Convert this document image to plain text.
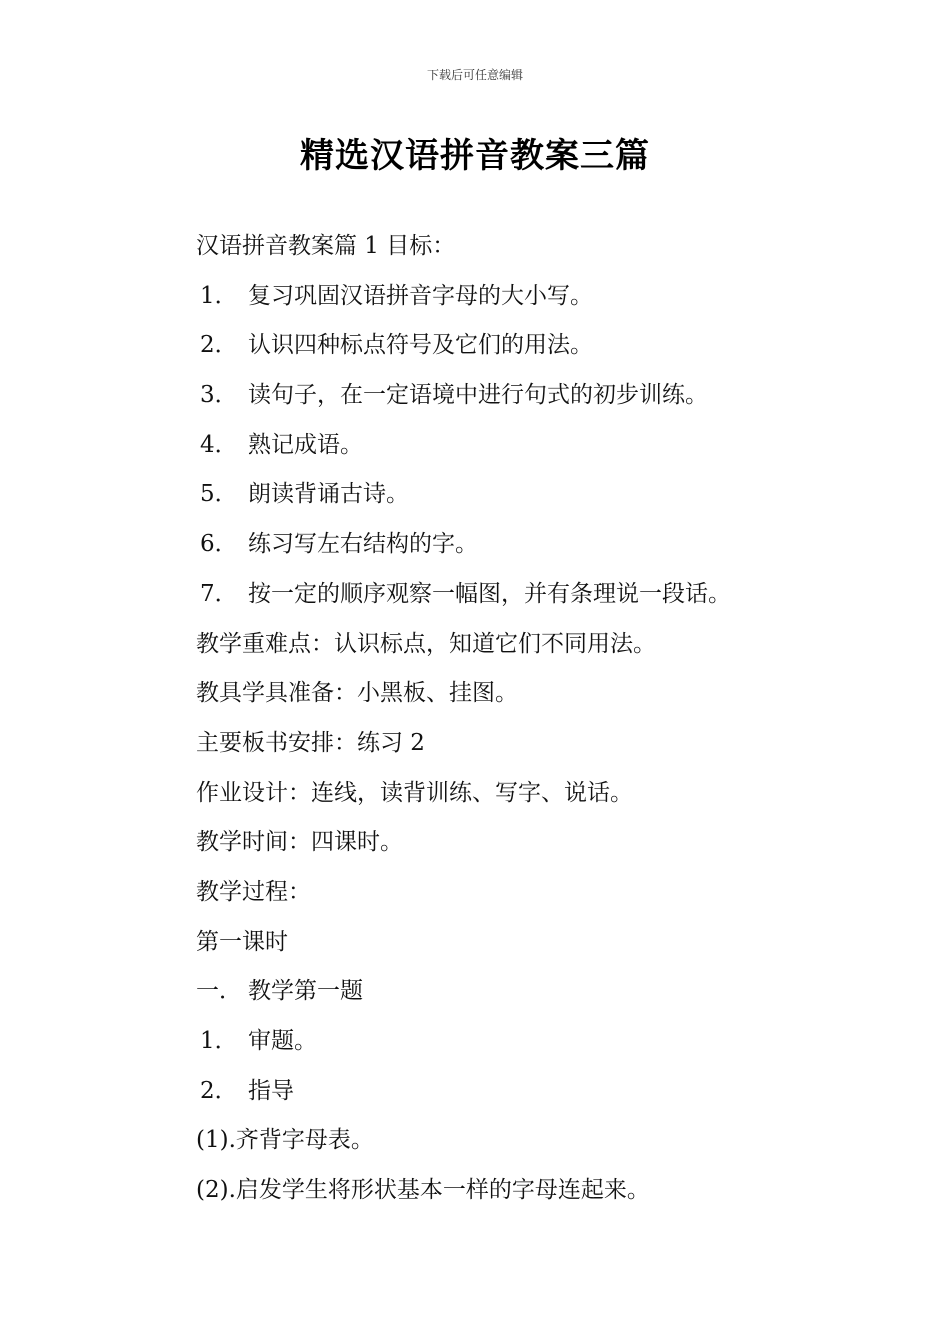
下载后可任意编辑
精选汉语拼音教案三篇
汉语拼音教案篇 1 目标：
1． 复习巩固汉语拼音字母的大小写。
2． 认识四种标点符号及它们的用法。
3． 读句子，在一定语境中进行句式的初步训练。
4． 熟记成语。
5． 朗读背诵古诗。
6． 练习写左右结构的字。
7． 按一定的顺序观察一幅图，并有条理说一段话。
教学重难点：认识标点，知道它们不同用法。
教具学具准备：小黑板、挂图。
主要板书安排：练习 2
作业设计：连线，读背训练、写字、说话。
教学时间：四课时。
教学过程：
第一课时
一． 教学第一题
1． 审题。
2． 指导
(1).齐背字母表。
(2).启发学生将形状基本一样的字母连起来。
